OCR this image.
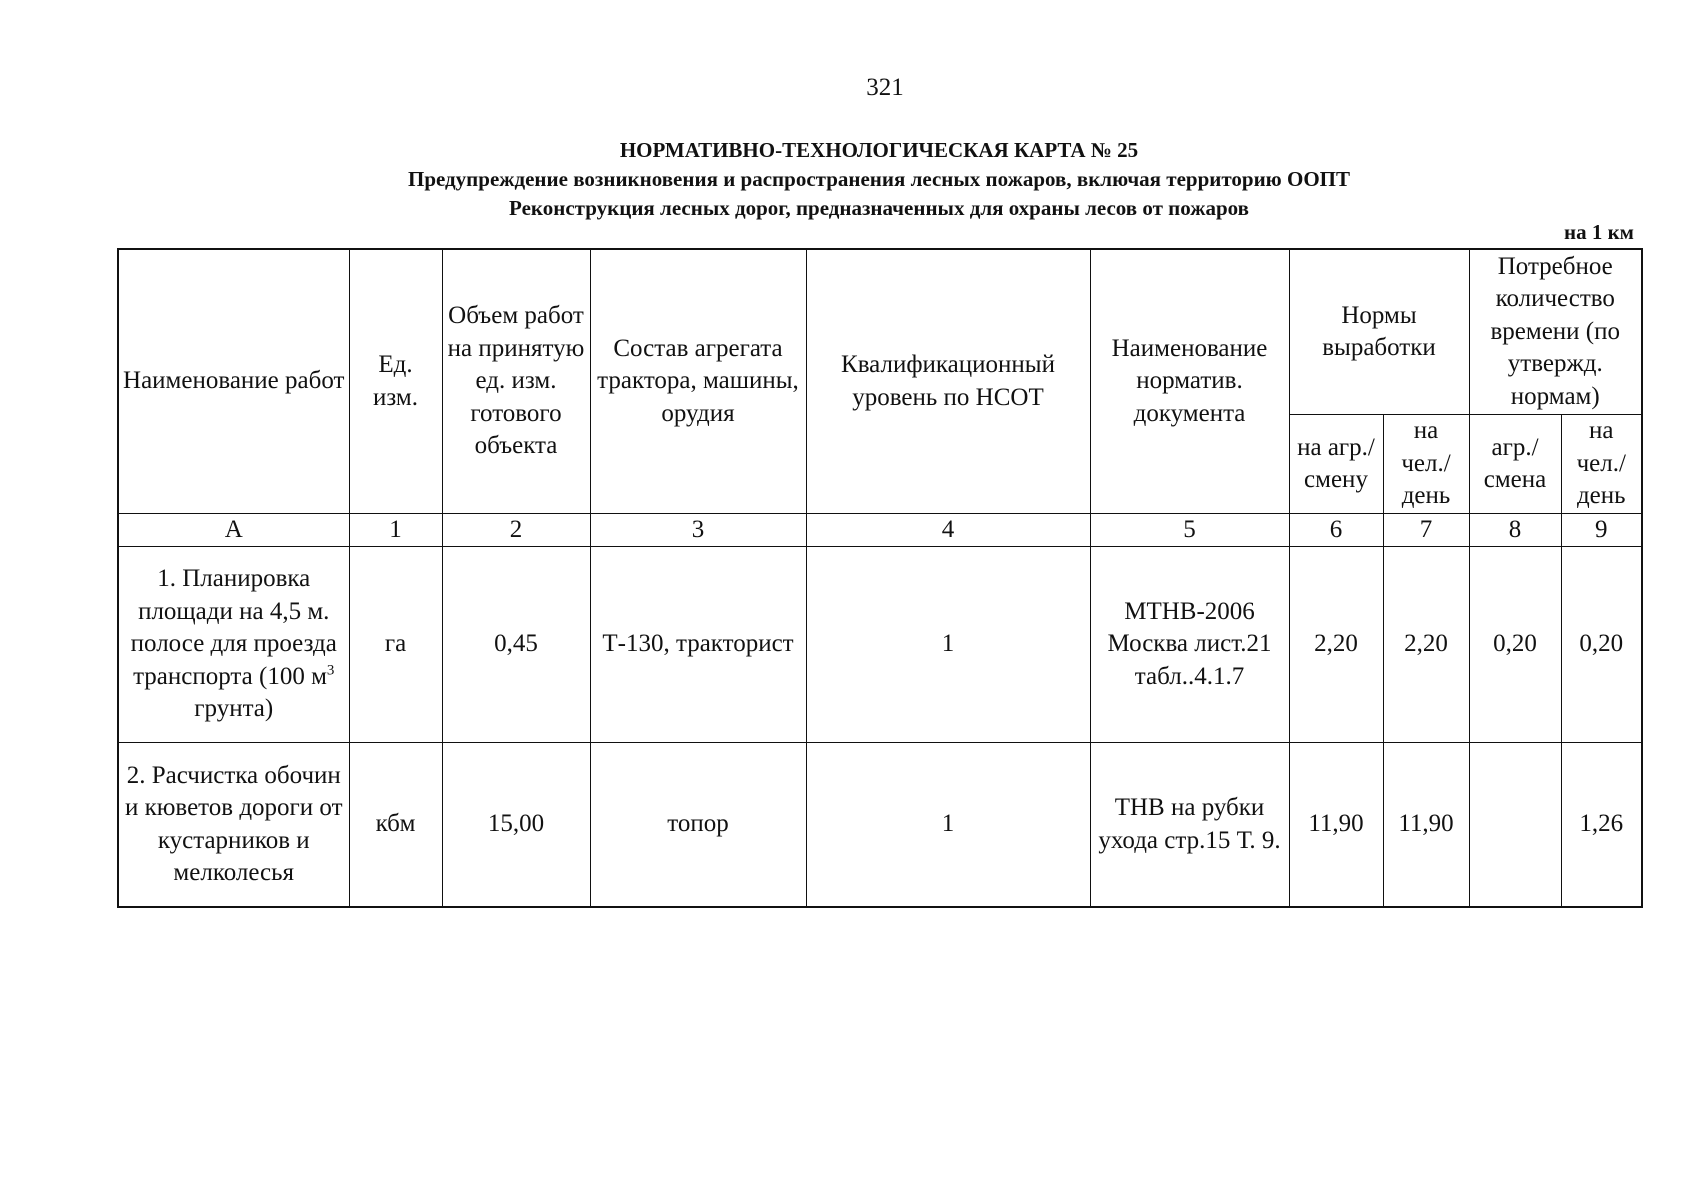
321
НОРМАТИВНО-ТЕХНОЛОГИЧЕСКАЯ КАРТА № 25
Предупреждение возникновения и распространения лесных пожаров, включая территорию ООПТ
Реконструкция лесных дорог, предназначенных для охраны лесов от пожаров
на 1 км
Наименование работ	Ед. изм.	Объем работ на принятую ед. изм. готового объекта	Состав агрегата трактора, машины, орудия	Квалификационный уровень по НСОТ	Наименование норматив. документа	Нормы выработки		Потребное количество времени (по утвержд. нормам)	
						на агр./ смену	на чел./ день	агр./ смена	на чел./ день
А	1	2	3	4	5	6	7	8	9
1. Планировка площади на 4,5 м. полосе для проезда транспорта (100 $м^3$ грунта)	га	0,45	Т-130, тракторист	1	МТНВ-2006 Москва лист.21 табл..4.1.7	2,20	2,20	0,20	0,20
2. Расчистка обочин и кюветов дороги от кустарников и мелколесья	кбм	15,00	топор	1	ТНВ на рубки ухода стр.15 Т. 9.	11,90	11,90		1,26
